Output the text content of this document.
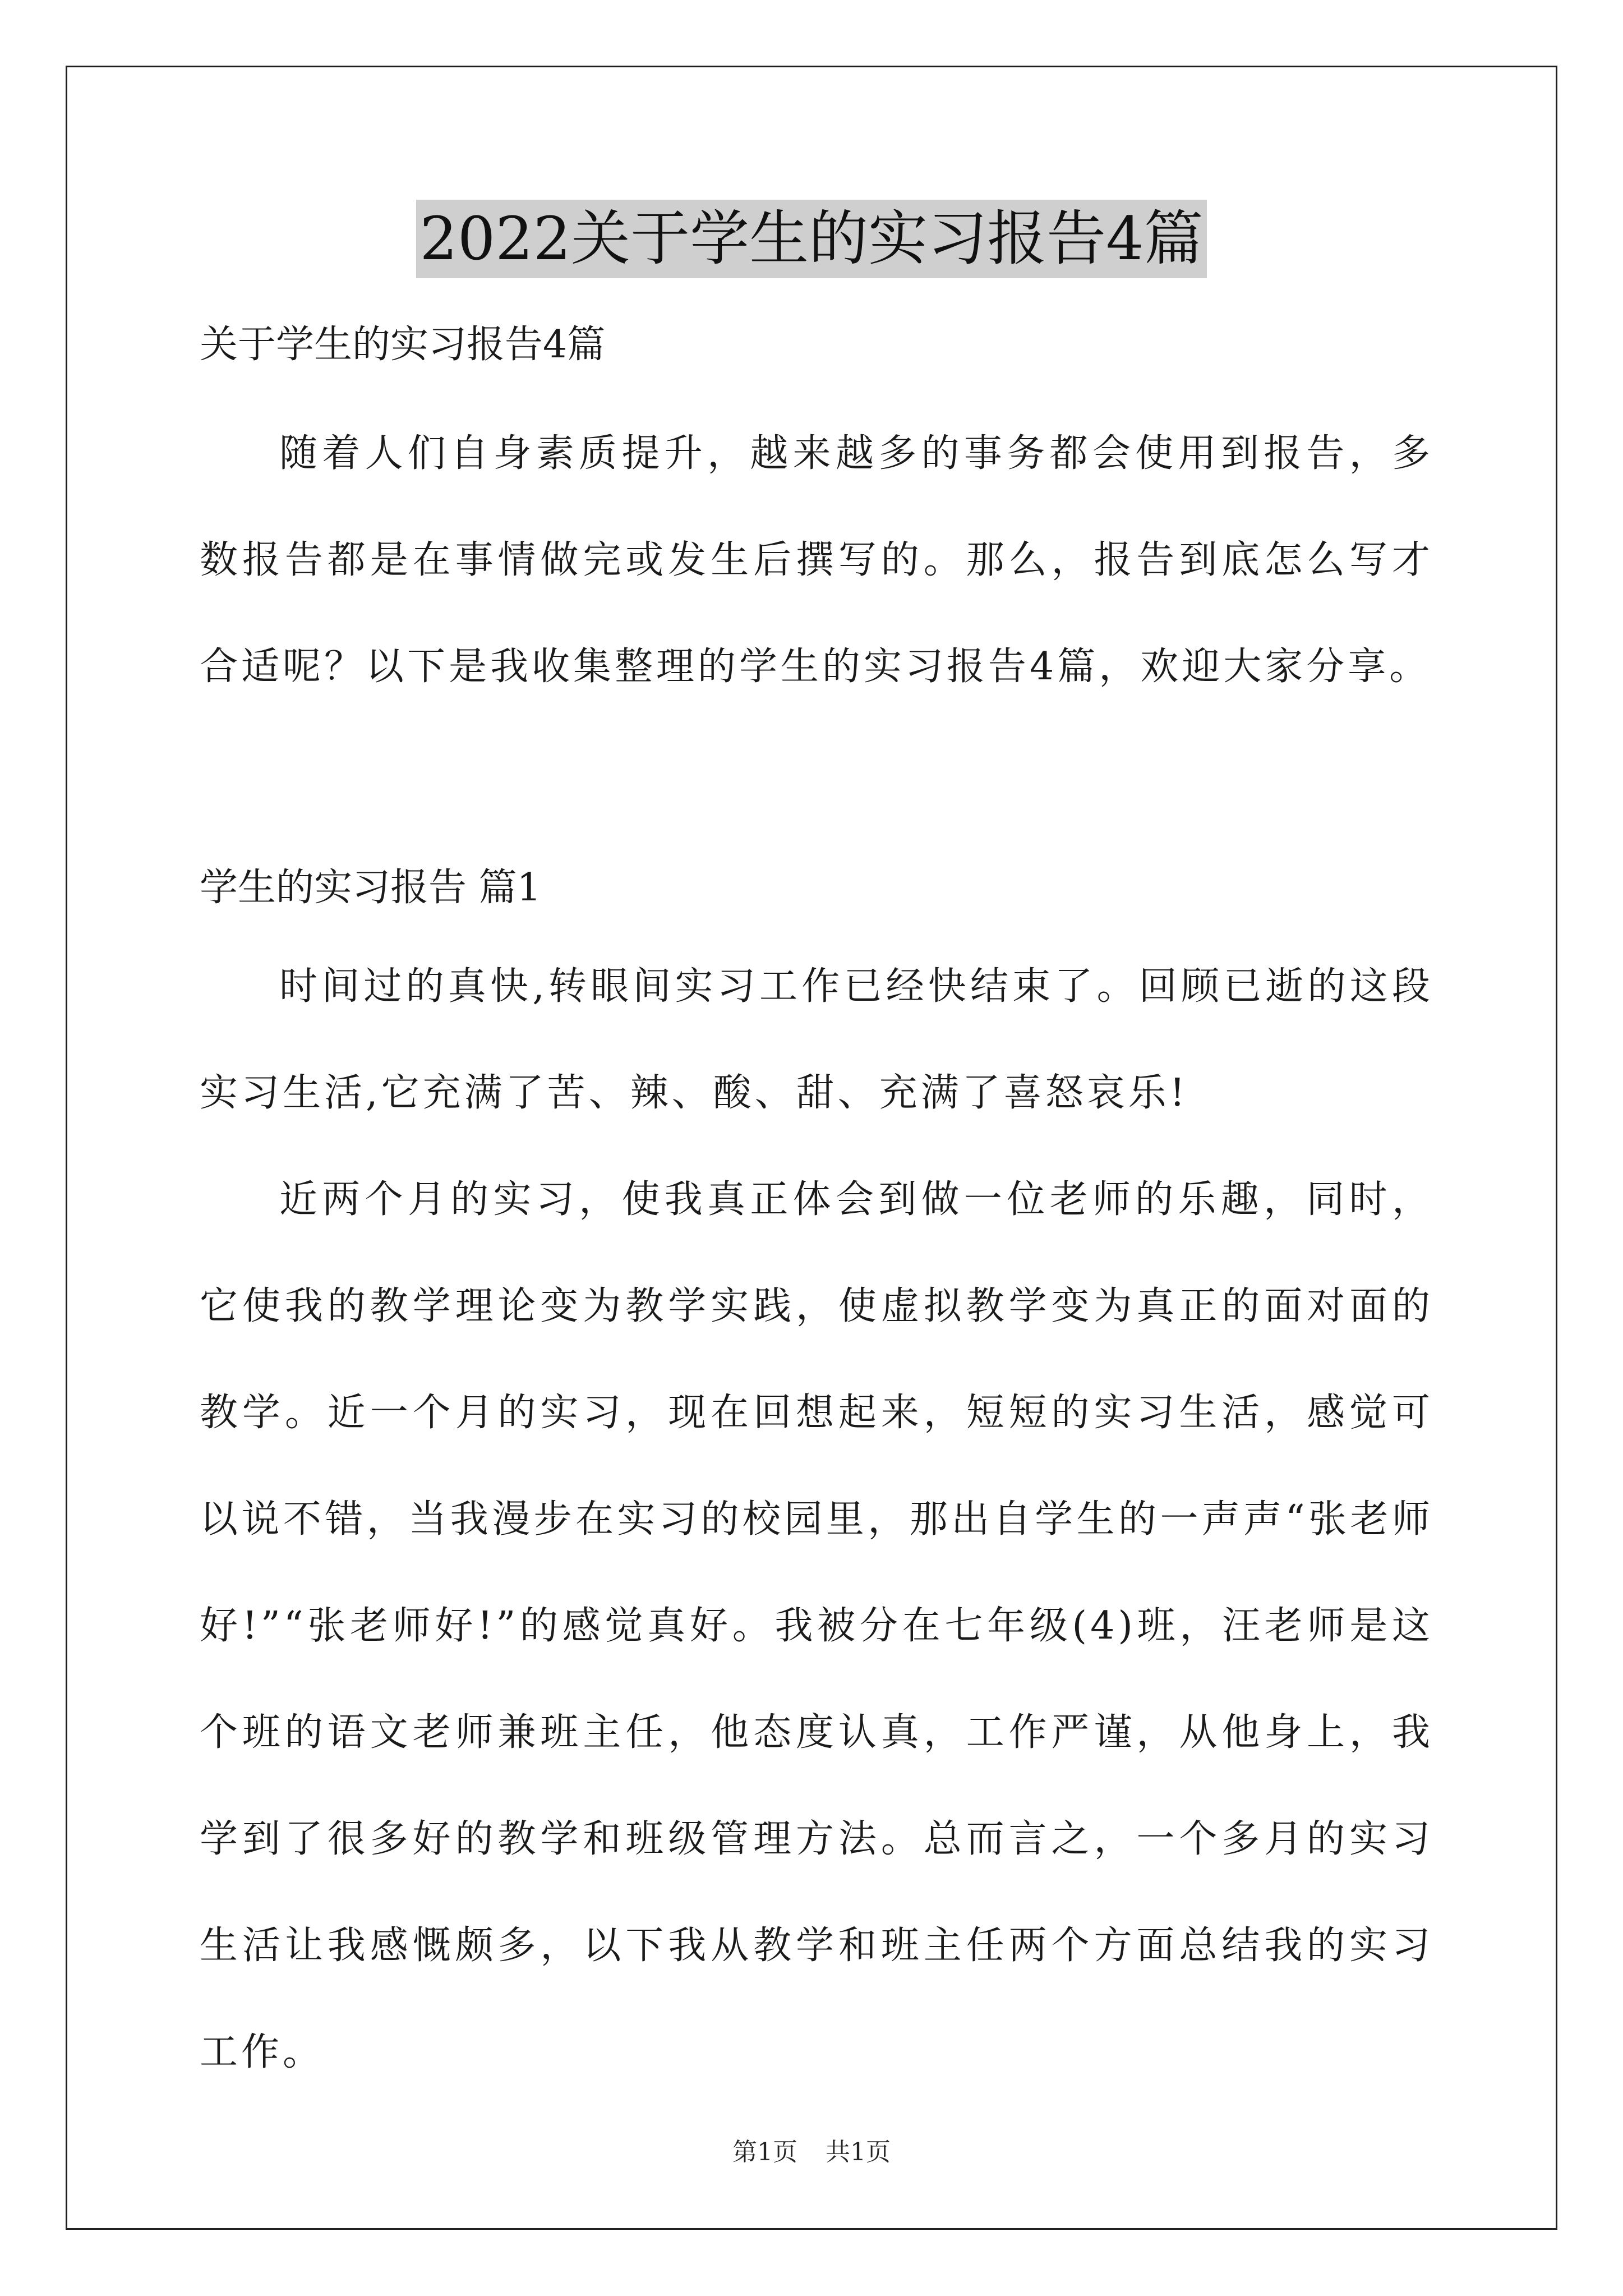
2022关于学生的实习报告4篇

关于学生的实习报告4篇

随着人们自身素质提升，越来越多的事务都会使用到报告，多数报告都是在事情做完或发生后撰写的。那么，报告到底怎么写才合适呢？以下是我收集整理的学生的实习报告4篇，欢迎大家分享。

学生的实习报告 篇1

时间过的真快,转眼间实习工作已经快结束了。回顾已逝的这段实习生活,它充满了苦、辣、酸、甜、充满了喜怒哀乐!

近两个月的实习，使我真正体会到做一位老师的乐趣，同时，它使我的教学理论变为教学实践，使虚拟教学变为真正的面对面的教学。近一个月的实习，现在回想起来，短短的实习生活，感觉可以说不错，当我漫步在实习的校园里，那出自学生的一声声“张老师好!”“张老师好!”的感觉真好。我被分在七年级(4)班，汪老师是这个班的语文老师兼班主任，他态度认真，工作严谨，从他身上，我学到了很多好的教学和班级管理方法。总而言之，一个多月的实习生活让我感慨颇多，以下我从教学和班主任两个方面总结我的实习工作。

第1页 共1页
